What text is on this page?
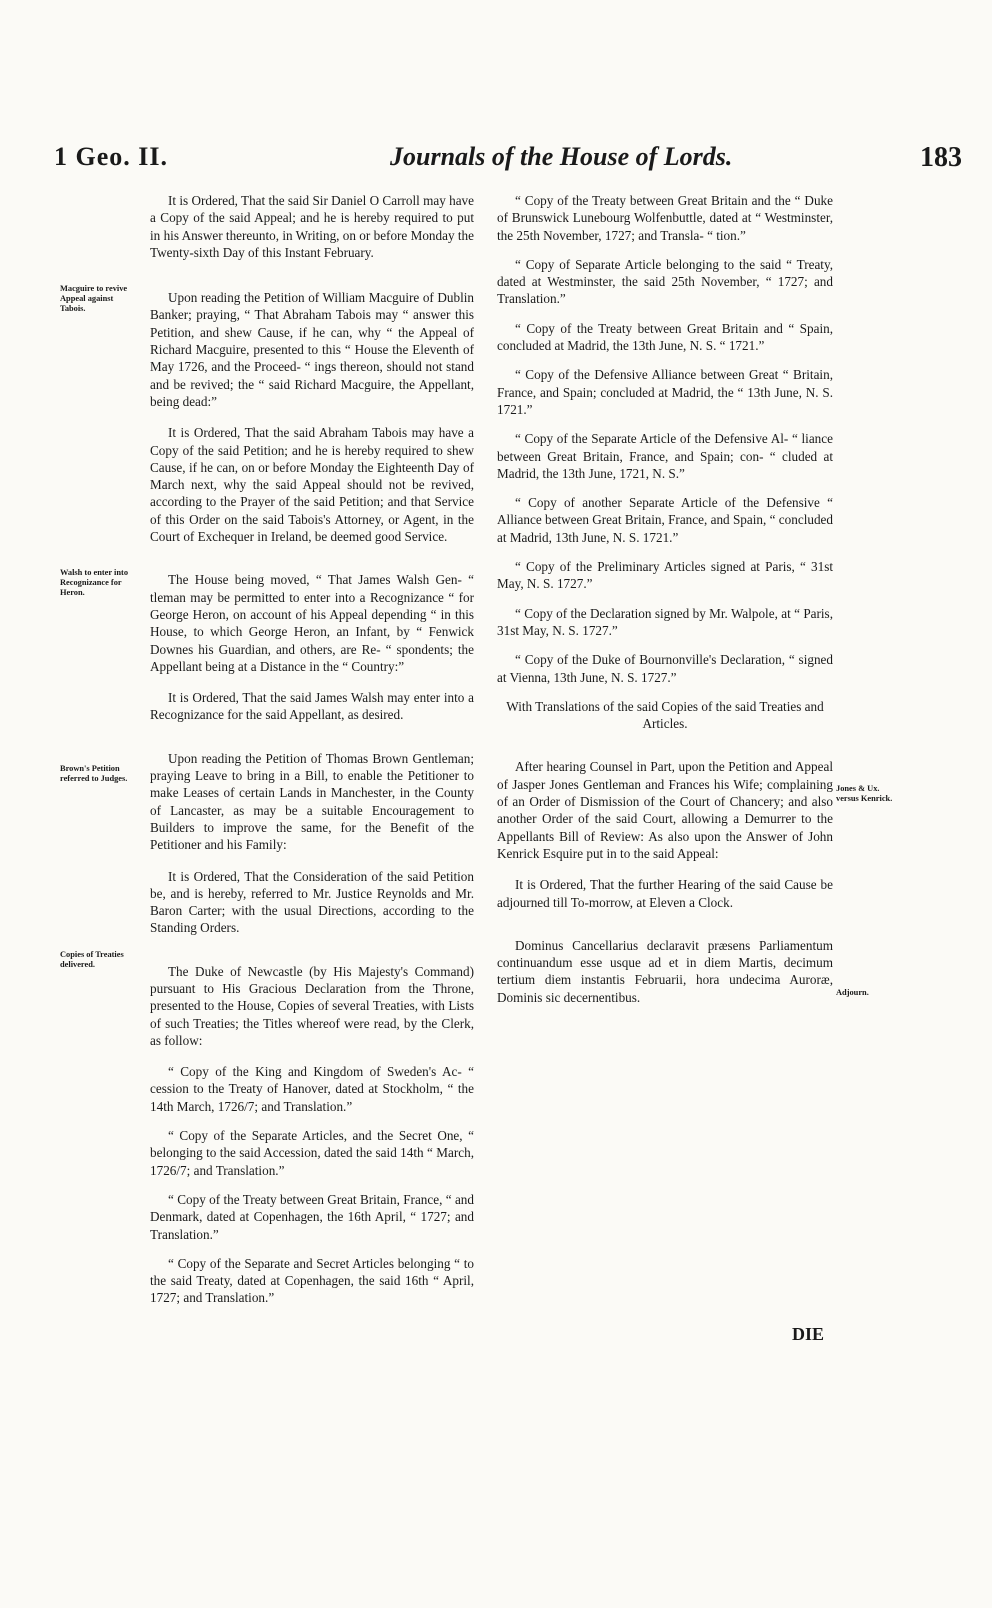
1 Geo. II.	Journals of the House of Lords.	183

It is Ordered, That the said Sir Daniel O Carroll may have a Copy of the said Appeal; and he is hereby required to put in his Answer thereunto, in Writing, on or before Monday the Twenty-sixth Day of this Instant February.

Upon reading the Petition of William Macguire of Dublin Banker; praying, “ That Abraham Tabois may “ answer this Petition, and shew Cause, if he can, why “ the Appeal of Richard Macguire, presented to this “ House the Eleventh of May 1726, and the Proceed- “ ings thereon, should not stand and be revived; the “ said Richard Macguire, the Appellant, being dead:”

It is Ordered, That the said Abraham Tabois may have a Copy of the said Petition; and he is hereby required to shew Cause, if he can, on or before Monday the Eighteenth Day of March next, why the said Appeal should not be revived, according to the Prayer of the said Petition; and that Service of this Order on the said Tabois's Attorney, or Agent, in the Court of Exchequer in Ireland, be deemed good Service.

The House being moved, “ That James Walsh Gen- “ tleman may be permitted to enter into a Recognizance “ for George Heron, on account of his Appeal depending “ in this House, to which George Heron, an Infant, by “ Fenwick Downes his Guardian, and others, are Re- “ spondents; the Appellant being at a Distance in the “ Country:”

It is Ordered, That the said James Walsh may enter into a Recognizance for the said Appellant, as desired.

Upon reading the Petition of Thomas Brown Gentleman; praying Leave to bring in a Bill, to enable the Petitioner to make Leases of certain Lands in Manchester, in the County of Lancaster, as may be a suitable Encouragement to Builders to improve the same, for the Benefit of the Petitioner and his Family:

It is Ordered, That the Consideration of the said Petition be, and is hereby, referred to Mr. Justice Reynolds and Mr. Baron Carter; with the usual Directions, according to the Standing Orders.

The Duke of Newcastle (by His Majesty's Command) pursuant to His Gracious Declaration from the Throne, presented to the House, Copies of several Treaties, with Lists of such Treaties; the Titles whereof were read, by the Clerk, as follow:

“ Copy of the King and Kingdom of Sweden's Ac- “ cession to the Treaty of Hanover, dated at Stockholm, “ the 14th March, 1726/7; and Translation.”

“ Copy of the Separate Articles, and the Secret One, “ belonging to the said Accession, dated the said 14th “ March, 1726/7; and Translation.”

“ Copy of the Treaty between Great Britain, France, “ and Denmark, dated at Copenhagen, the 16th April, “ 1727; and Translation.”

“ Copy of the Separate and Secret Articles belonging “ to the said Treaty, dated at Copenhagen, the said 16th “ April, 1727; and Translation.”

Macguire to revive Appeal against Tabois.
Walsh to enter into Recognizance for Heron.
Brown's Petition referred to Judges.
Copies of Treaties delivered.

“ Copy of the Treaty between Great Britain and the “ Duke of Brunswick Lunebourg Wolfenbuttle, dated at “ Westminster, the 25th November, 1727; and Transla- “ tion.”

“ Copy of Separate Article belonging to the said “ Treaty, dated at Westminster, the said 25th November, “ 1727; and Translation.”

“ Copy of the Treaty between Great Britain and “ Spain, concluded at Madrid, the 13th June, N. S. “ 1721.”

“ Copy of the Defensive Alliance between Great “ Britain, France, and Spain; concluded at Madrid, the “ 13th June, N. S. 1721.”

“ Copy of the Separate Article of the Defensive Al- “ liance between Great Britain, France, and Spain; con- “ cluded at Madrid, the 13th June, 1721, N. S.”

“ Copy of another Separate Article of the Defensive “ Alliance between Great Britain, France, and Spain, “ concluded at Madrid, 13th June, N. S. 1721.”

“ Copy of the Preliminary Articles signed at Paris, “ 31st May, N. S. 1727.”

“ Copy of the Declaration signed by Mr. Walpole, at “ Paris, 31st May, N. S. 1727.”

“ Copy of the Duke of Bournonville's Declaration, “ signed at Vienna, 13th June, N. S. 1727.”

With Translations of the said Copies of the said Treaties and Articles.

After hearing Counsel in Part, upon the Petition and Appeal of Jasper Jones Gentleman and Frances his Wife; complaining of an Order of Dismission of the Court of Chancery; and also another Order of the said Court, allowing a Demurrer to the Appellants Bill of Review: As also upon the Answer of John Kenrick Esquire put in to the said Appeal:

It is Ordered, That the further Hearing of the said Cause be adjourned till To-morrow, at Eleven a Clock.

Dominus Cancellarius declaravit præsens Parliamentum continuandum esse usque ad et in diem Martis, decimum tertium diem instantis Februarii, hora undecima Auroræ, Dominis sic decernentibus.

Jones & Ux. versus Kenrick.
Adjourn.
DIE
